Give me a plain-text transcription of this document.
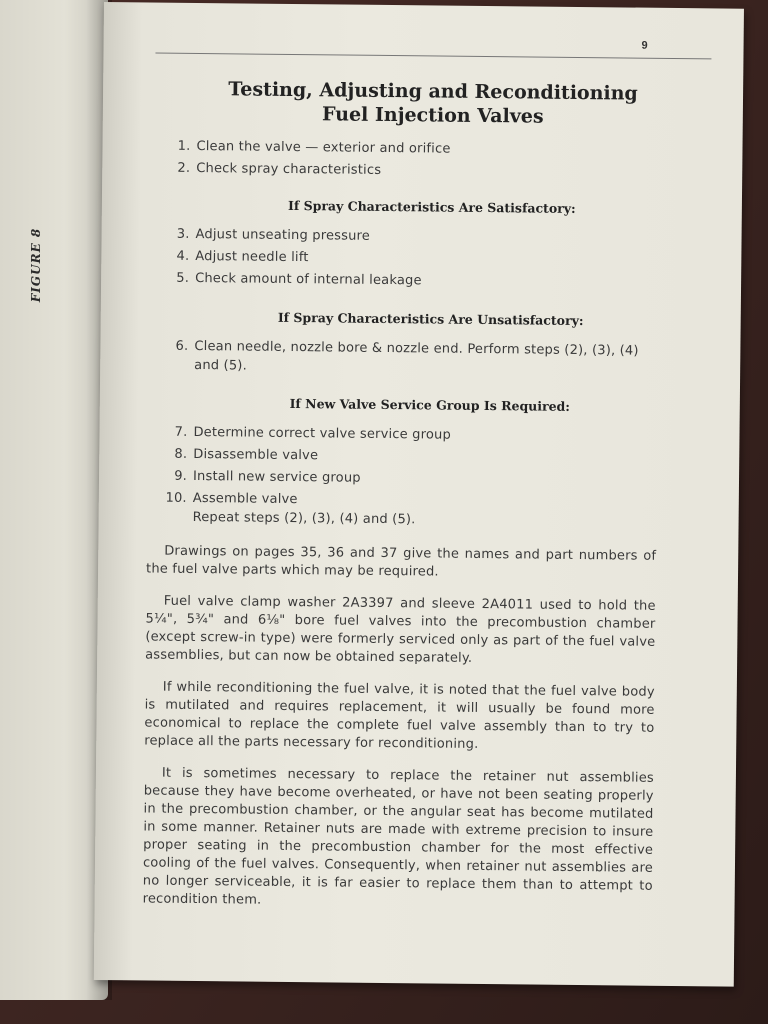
FIGURE 8
9
Testing, Adjusting and Reconditioning
Fuel Injection Valves
1. Clean the valve — exterior and orifice
2. Check spray characteristics
If Spray Characteristics Are Satisfactory:
3. Adjust unseating pressure
4. Adjust needle lift
5. Check amount of internal leakage
If Spray Characteristics Are Unsatisfactory:
6. Clean needle, nozzle bore & nozzle end. Perform steps (2), (3), (4)
and (5).
If New Valve Service Group Is Required:
7. Determine correct valve service group
8. Disassemble valve
9. Install new service group
10. Assemble valve
Repeat steps (2), (3), (4) and (5).
Drawings on pages 35, 36 and 37 give the names and part numbers of the fuel valve parts which may be required.
Fuel valve clamp washer 2A3397 and sleeve 2A4011 used to hold the 5¼", 5¾" and 6⅛" bore fuel valves into the precombustion chamber (except screw-in type) were formerly serviced only as part of the fuel valve assemblies, but can now be obtained separately.
If while reconditioning the fuel valve, it is noted that the fuel valve body is mutilated and requires replacement, it will usually be found more economical to replace the complete fuel valve assembly than to try to replace all the parts necessary for reconditioning.
It is sometimes necessary to replace the retainer nut assemblies because they have become overheated, or have not been seating properly in the precombustion chamber, or the angular seat has become mutilated in some manner. Retainer nuts are made with extreme precision to insure proper seating in the precombustion chamber for the most effective cooling of the fuel valves. Consequently, when retainer nut assemblies are no longer serviceable, it is far easier to replace them than to attempt to recondition them.
